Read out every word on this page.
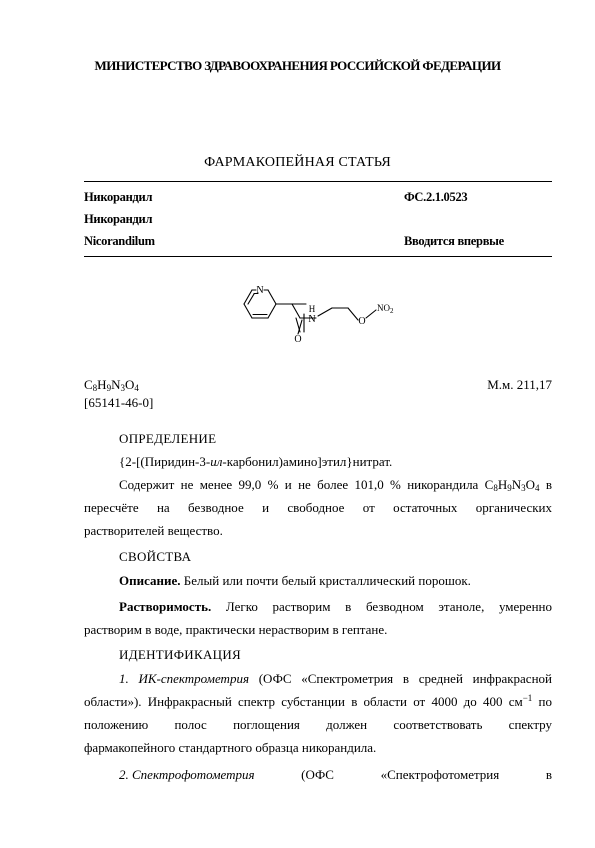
МИНИСТЕРСТВО ЗДРАВООХРАНЕНИЯ РОССИЙСКОЙ ФЕДЕРАЦИИ
ФАРМАКОПЕЙНАЯ СТАТЬЯ
Никорандил	ФС.2.1.0523
Никорандил
Nicorandilum	Вводится впервые
N
H
N
O
O
$NO_2$
$C_8H_9N_3O_4$	М.м. 211,17
[65141-46-0]
ОПРЕДЕЛЕНИЕ
{2-[(Пиридин-3-ил-карбонил)амино]этил}нитрат.
Содержит не менее 99,0 % и не более 101,0 % никорандила $C_8H_9N_3O_4$ в
пересчёте на безводное и свободное от остаточных органических
растворителей вещество.
СВОЙСТВА
Описание. Белый или почти белый кристаллический порошок.
Растворимость. Легко растворим в безводном этаноле, умеренно
растворим в воде, практически нерастворим в гептане.
ИДЕНТИФИКАЦИЯ
1. ИК-спектрометрия (ОФС «Спектрометрия в средней инфракрасной
области»). Инфракрасный спектр субстанции в области от 4000 до 400 $см^{-1}$ по
положению полос поглощения должен соответствовать спектру
фармакопейного стандартного образца никорандила.
2. Спектрофотометрия	(ОФС	«Спектрофотометрия	в
